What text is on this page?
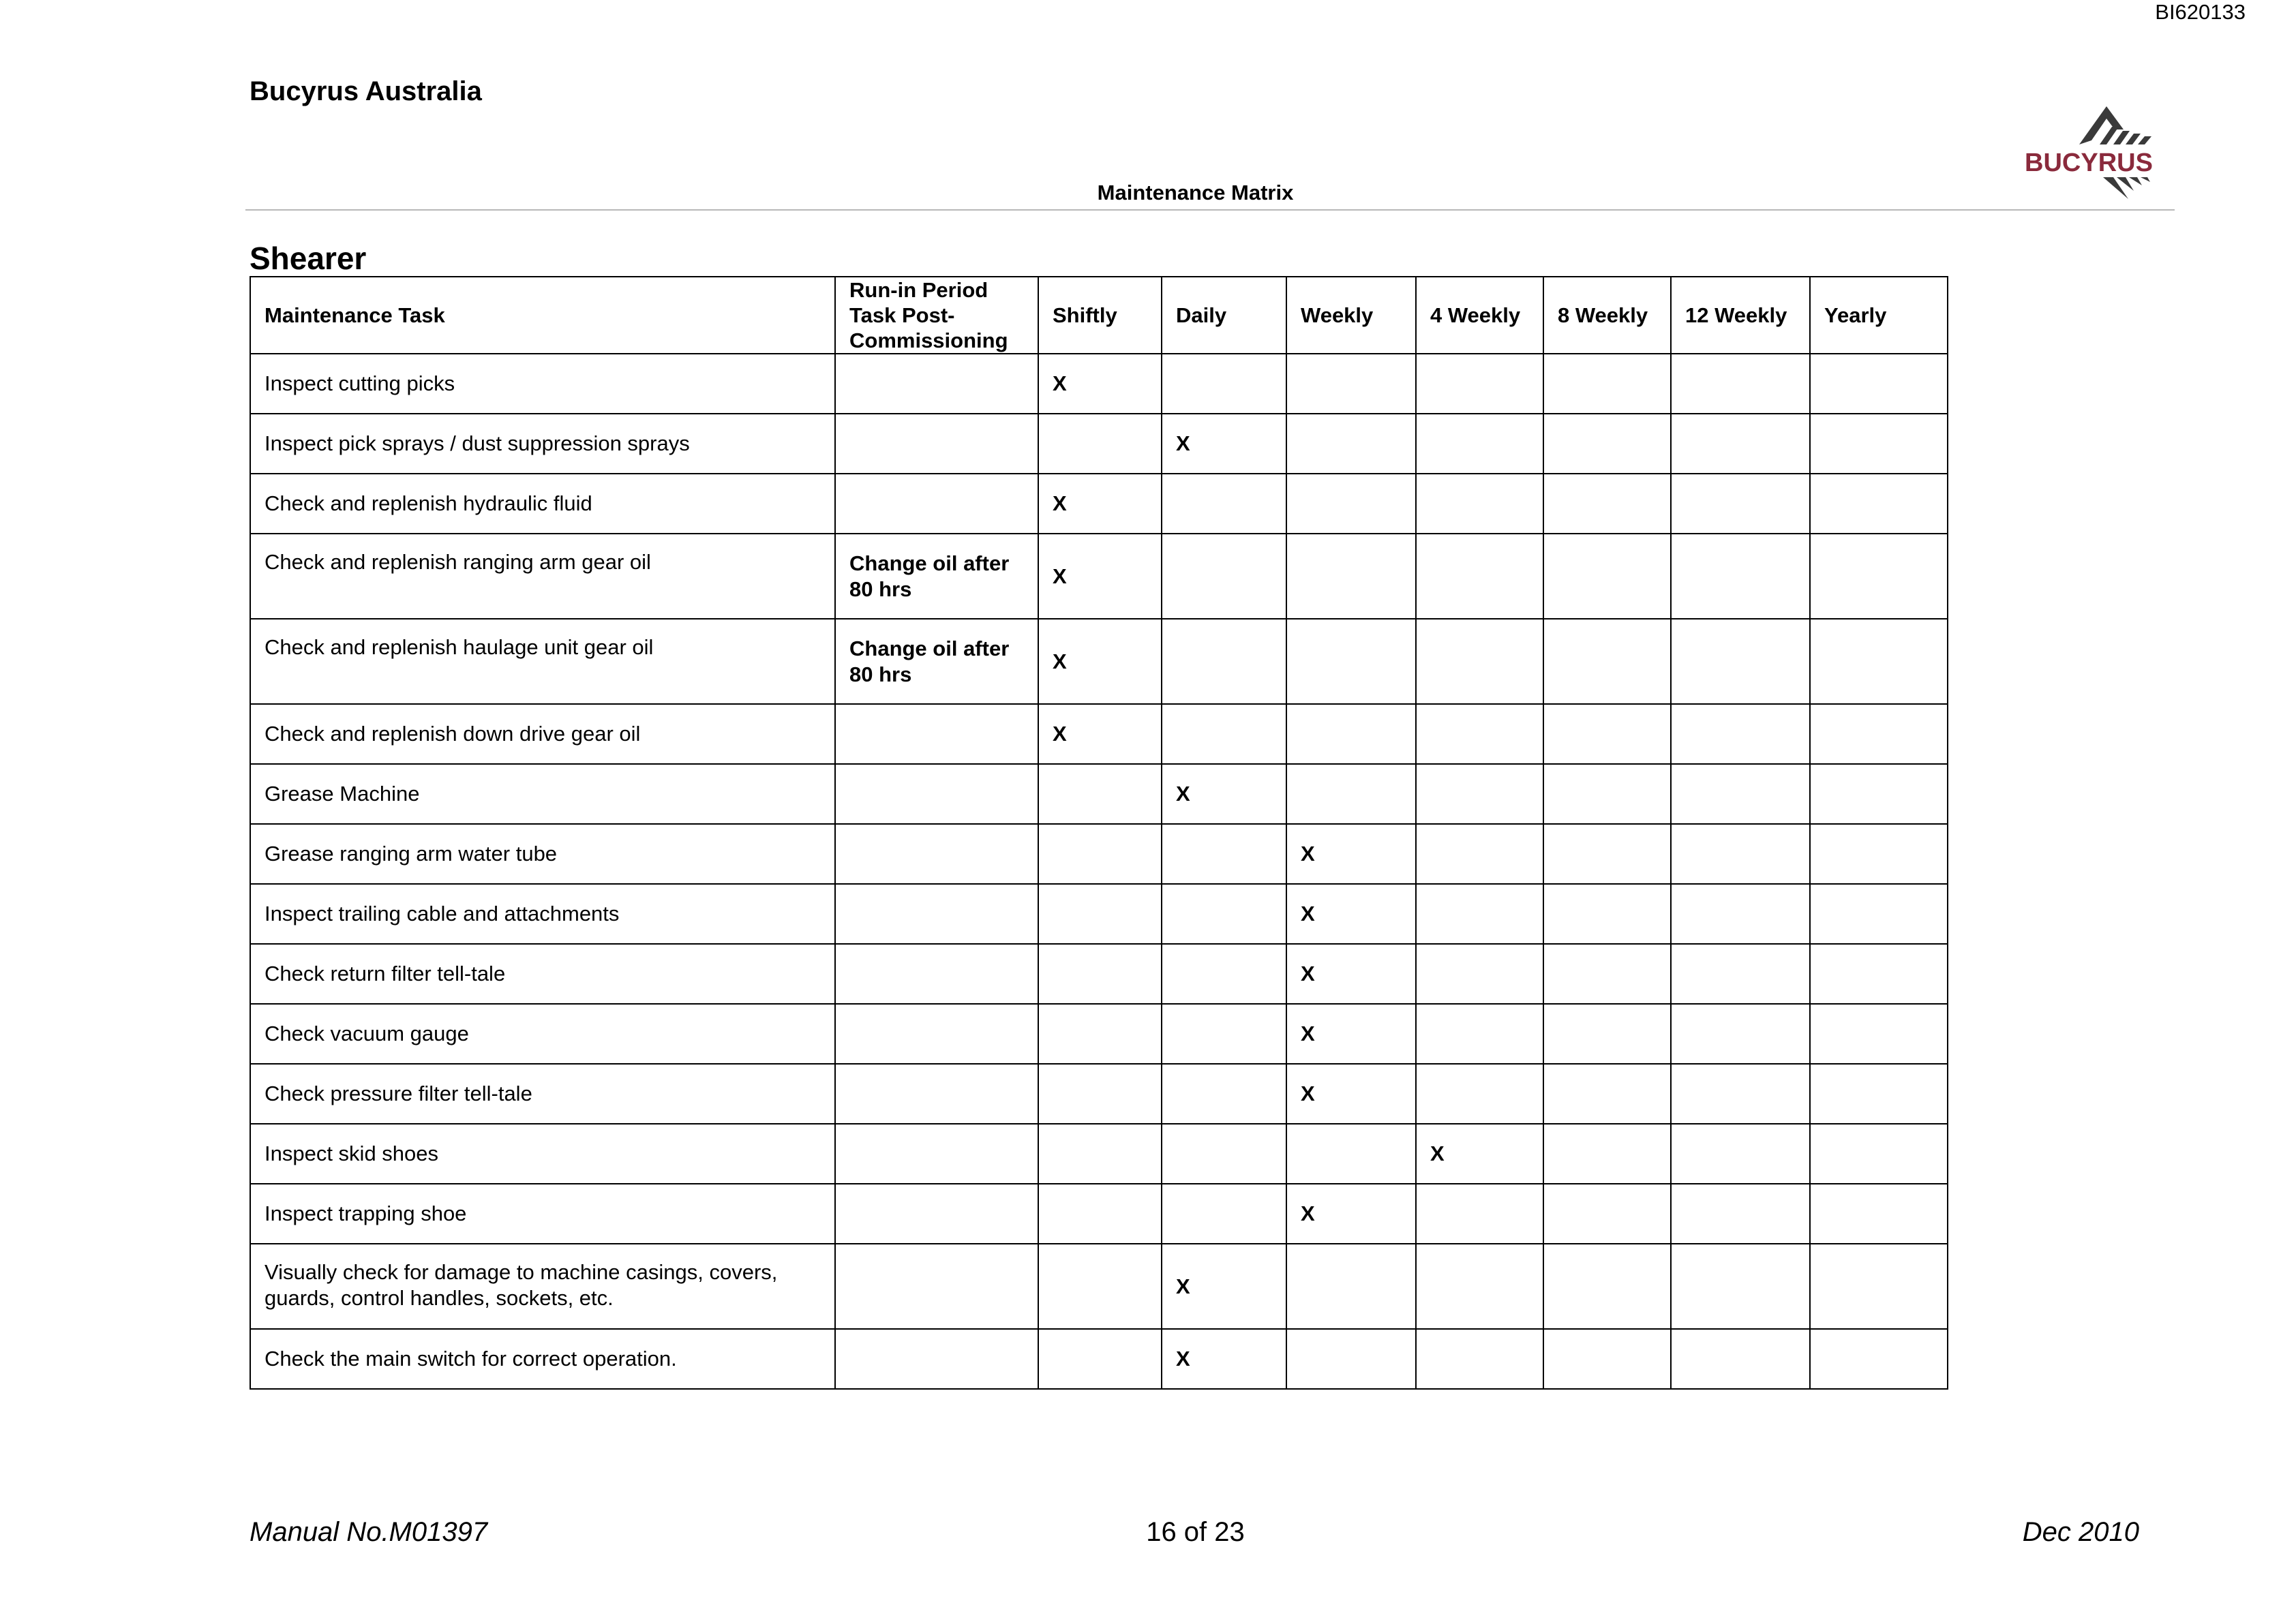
BI620133
Bucyrus Australia
Maintenance Matrix
BUCYRUS
Shearer
Maintenance Task	Run-in Period Task Post-Commissioning	Shiftly	Daily	Weekly	4 Weekly	8 Weekly	12 Weekly	Yearly
Inspect cutting picks		X						
Inspect pick sprays / dust suppression sprays			X					
Check and replenish hydraulic fluid		X						
Check and replenish ranging arm gear oil	Change oil after 80 hrs	X						
Check and replenish haulage unit gear oil	Change oil after 80 hrs	X						
Check and replenish down drive gear oil		X						
Grease Machine			X					
Grease ranging arm water tube				X				
Inspect trailing cable and attachments				X				
Check return filter tell-tale				X				
Check vacuum gauge				X				
Check pressure filter tell-tale				X				
Inspect skid shoes					X			
Inspect trapping shoe				X				
Visually check for damage to machine casings, covers, guards, control handles, sockets, etc.			X					
Check the main switch for correct operation.			X					
Manual No.M01397	16 of 23	Dec 2010
